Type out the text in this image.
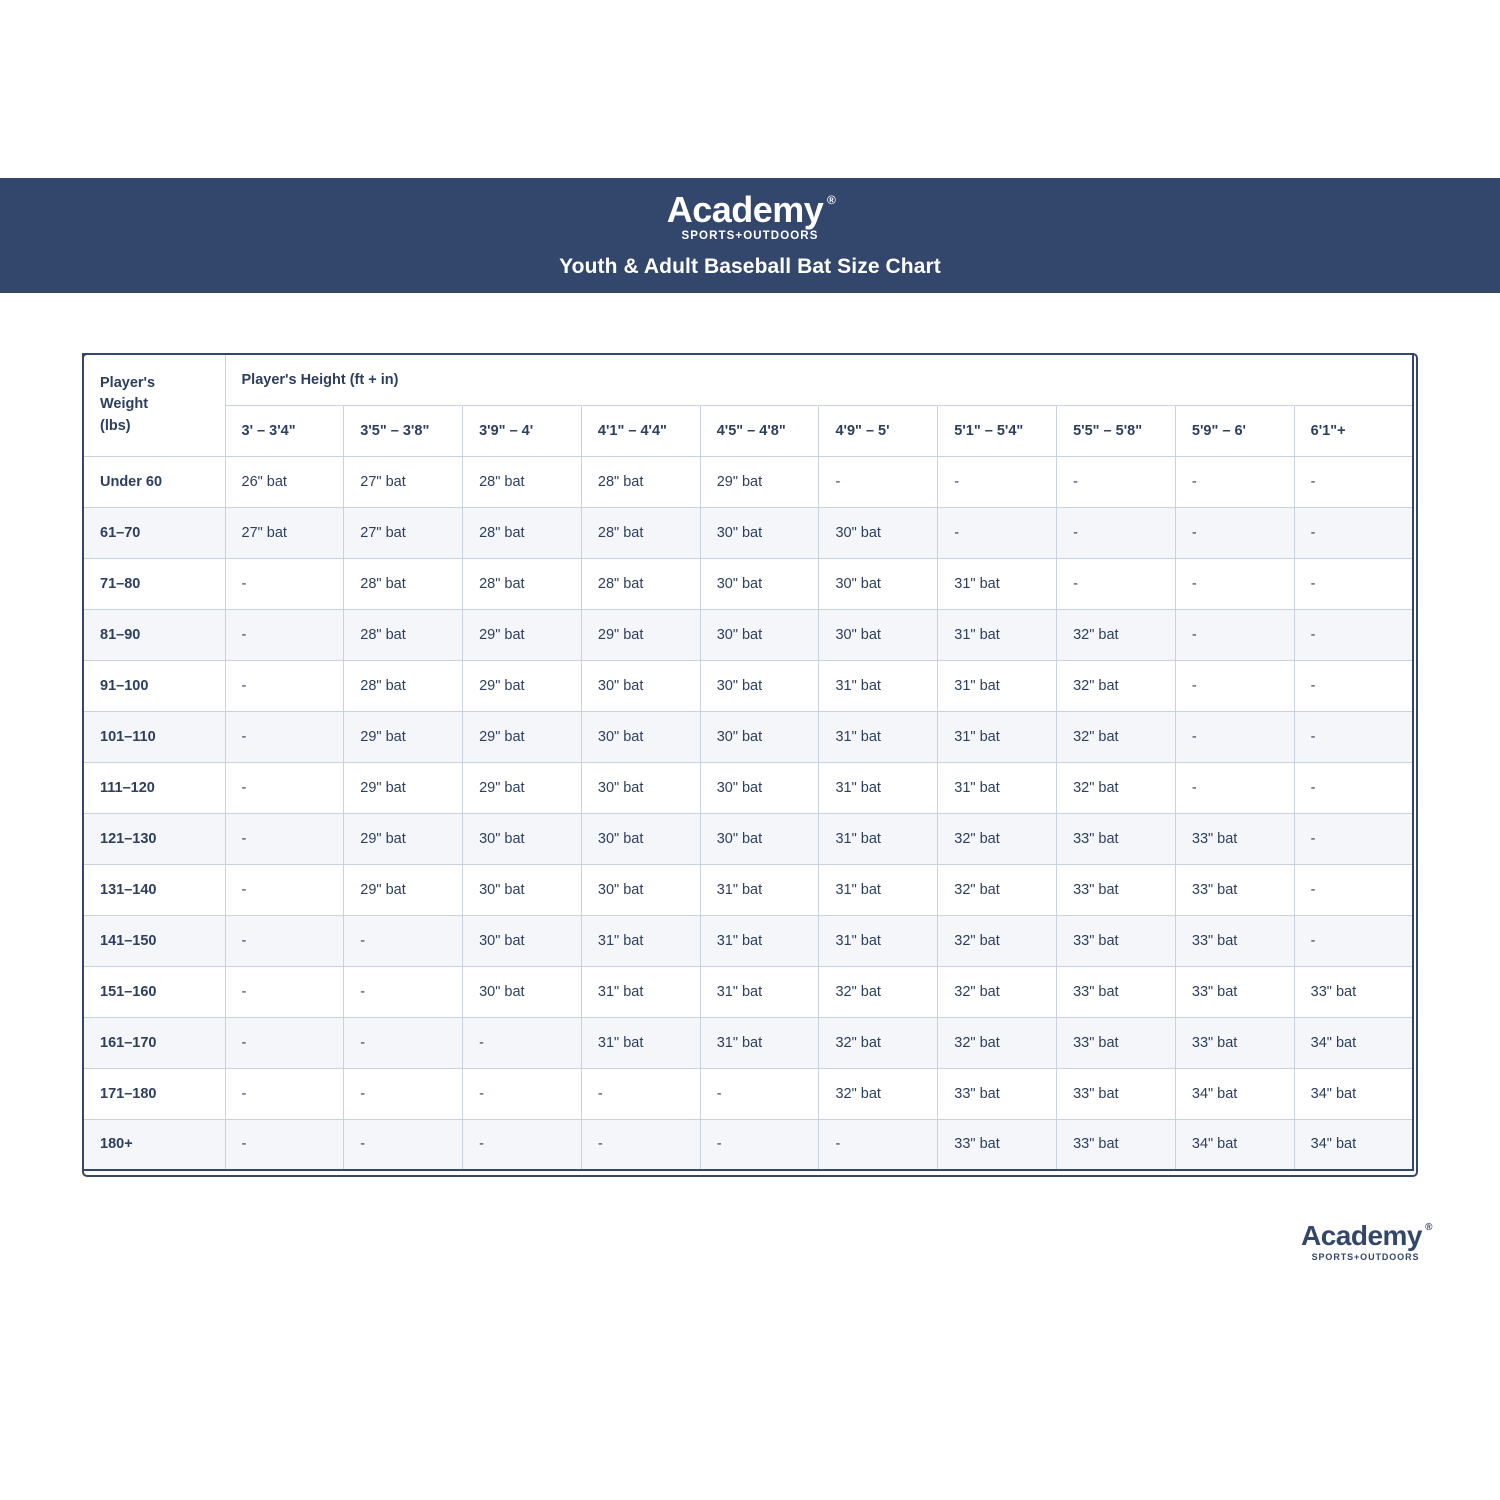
Academy ®
SPORTS+OUTDOORS
Youth & Adult Baseball Bat Size Chart
Player's
Weight
(lbs)	Player's Height (ft + in)									
	3' – 3'4"	3'5" – 3'8"	3'9" – 4'	4'1" – 4'4"	4'5" – 4'8"	4'9" – 5'	5'1" – 5'4"	5'5" – 5'8"	5'9" – 6'	6'1"+
Under 60	26" bat	27" bat	28" bat	28" bat	29" bat	-	-	-	-	-
61–70	27" bat	27" bat	28" bat	28" bat	30" bat	30" bat	-	-	-	-
71–80	-	28" bat	28" bat	28" bat	30" bat	30" bat	31" bat	-	-	-
81–90	-	28" bat	29" bat	29" bat	30" bat	30" bat	31" bat	32" bat	-	-
91–100	-	28" bat	29" bat	30" bat	30" bat	31" bat	31" bat	32" bat	-	-
101–110	-	29" bat	29" bat	30" bat	30" bat	31" bat	31" bat	32" bat	-	-
111–120	-	29" bat	29" bat	30" bat	30" bat	31" bat	31" bat	32" bat	-	-
121–130	-	29" bat	30" bat	30" bat	30" bat	31" bat	32" bat	33" bat	33" bat	-
131–140	-	29" bat	30" bat	30" bat	31" bat	31" bat	32" bat	33" bat	33" bat	-
141–150	-	-	30" bat	31" bat	31" bat	31" bat	32" bat	33" bat	33" bat	-
151–160	-	-	30" bat	31" bat	31" bat	32" bat	32" bat	33" bat	33" bat	33" bat
161–170	-	-	-	31" bat	31" bat	32" bat	32" bat	33" bat	33" bat	34" bat
171–180	-	-	-	-	-	32" bat	33" bat	33" bat	34" bat	34" bat
180+	-	-	-	-	-	-	33" bat	33" bat	34" bat	34" bat
Academy ®
SPORTS+OUTDOORS
